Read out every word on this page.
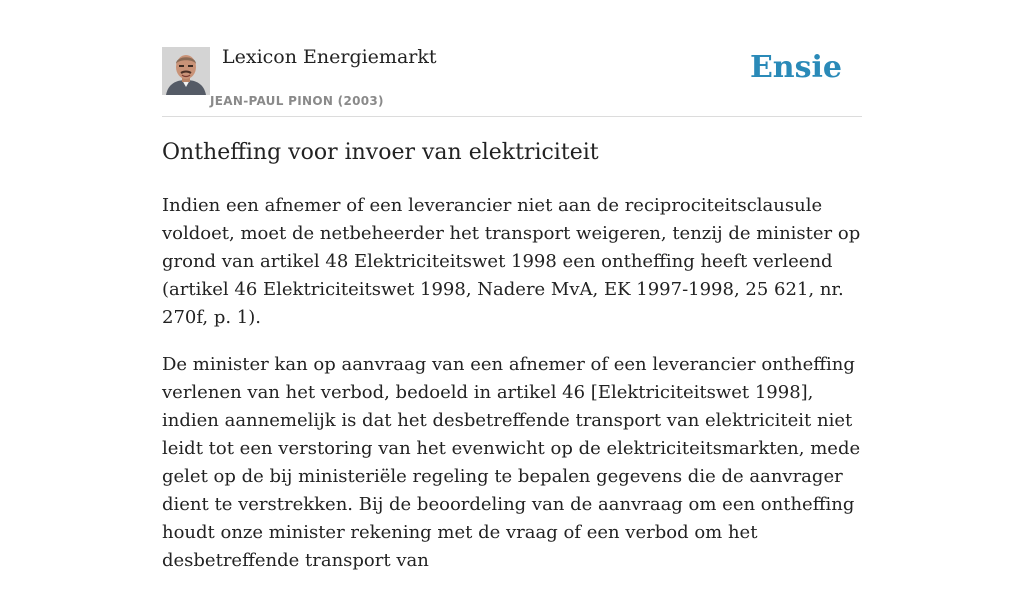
Lexicon Energiemarkt
JEAN-PAUL PINON (2003)
Ensie
Ontheffing voor invoer van elektriciteit

Indien een afnemer of een leverancier niet aan de reciprociteitsclausule voldoet, moet de netbeheerder het transport weigeren, tenzij de minister op grond van artikel 48 Elektriciteitswet 1998 een ontheffing heeft verleend (artikel 46 Elektriciteitswet 1998, Nadere MvA, EK 1997-1998, 25 621, nr. 270f, p. 1).

De minister kan op aanvraag van een afnemer of een leverancier ontheffing verlenen van het verbod, bedoeld in artikel 46 [Elektriciteitswet 1998], indien aannemelijk is dat het desbetreffende transport van elektriciteit niet leidt tot een verstoring van het evenwicht op de elektriciteitsmarkten, mede gelet op de bij ministeriële regeling te bepalen gegevens die de aanvrager dient te verstrekken. Bij de beoordeling van de aanvraag om een ontheffing houdt onze minister rekening met de vraag of een verbod om het desbetreffende transport van
